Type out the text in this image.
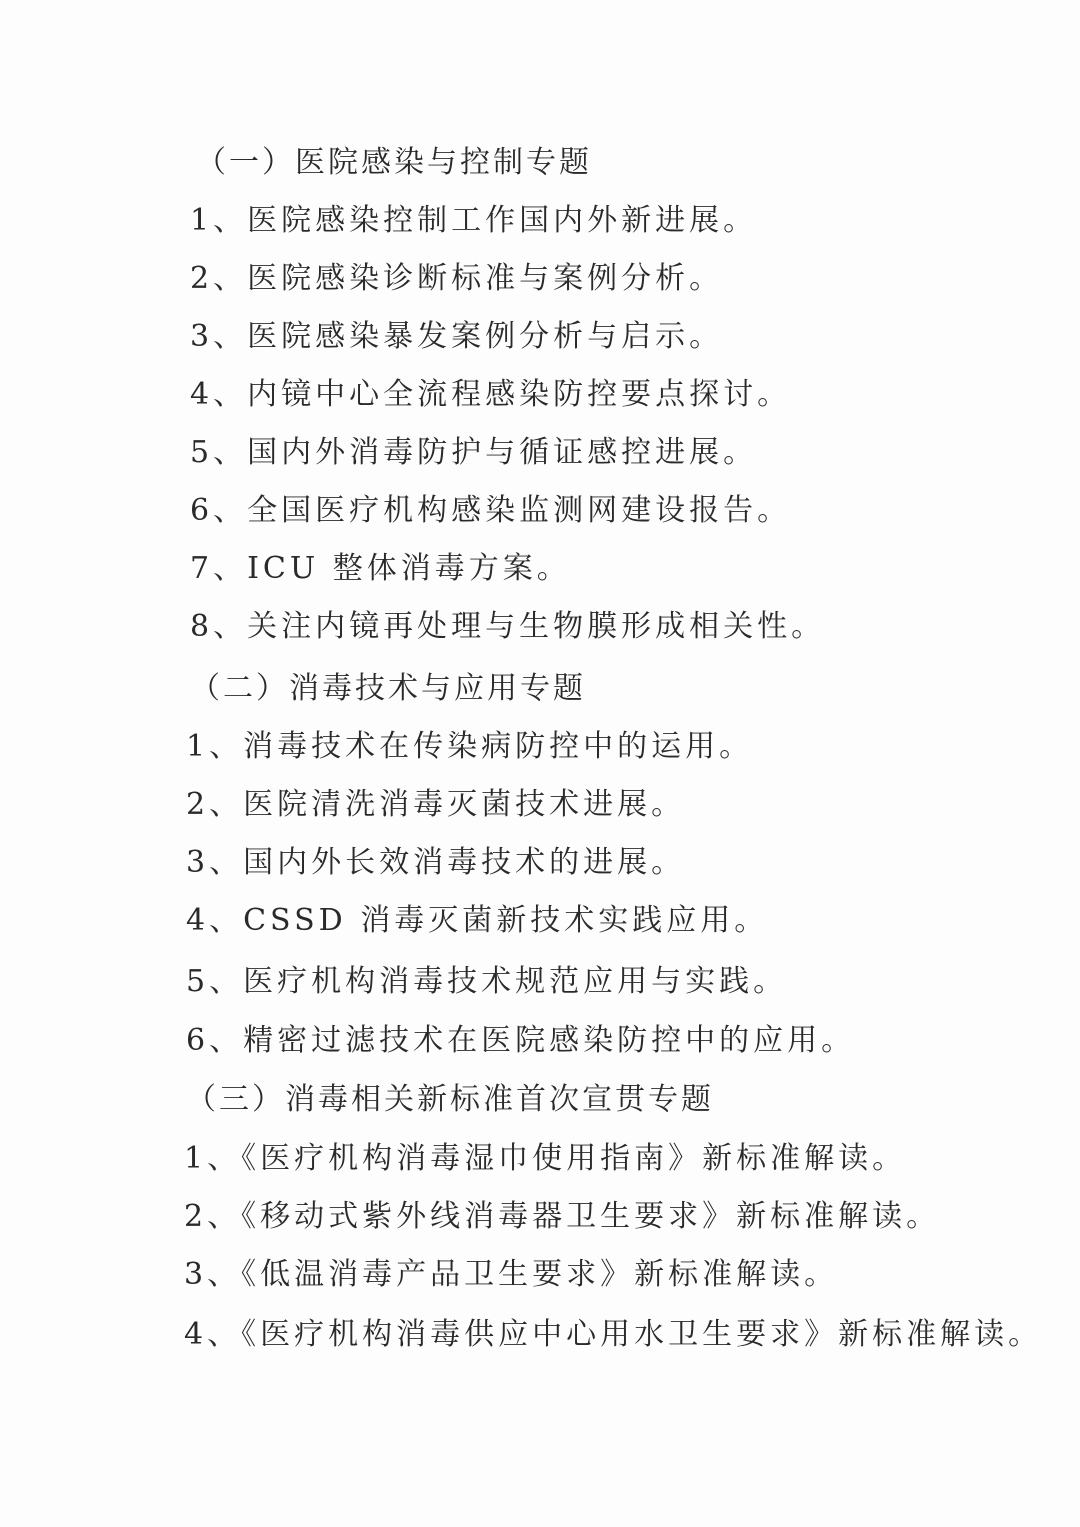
（一）医院感染与控制专题
1、医院感染控制工作国内外新进展。
2、医院感染诊断标准与案例分析。
3、医院感染暴发案例分析与启示。
4、内镜中心全流程感染防控要点探讨。
5、国内外消毒防护与循证感控进展。
6、全国医疗机构感染监测网建设报告。
7、ICU 整体消毒方案。
8、关注内镜再处理与生物膜形成相关性。
（二）消毒技术与应用专题
1、消毒技术在传染病防控中的运用。
2、医院清洗消毒灭菌技术进展。
3、国内外长效消毒技术的进展。
4、CSSD 消毒灭菌新技术实践应用。
5、医疗机构消毒技术规范应用与实践。
6、精密过滤技术在医院感染防控中的应用。
（三）消毒相关新标准首次宣贯专题
1、《医疗机构消毒湿巾使用指南》新标准解读。
2、《移动式紫外线消毒器卫生要求》新标准解读。
3、《低温消毒产品卫生要求》新标准解读。
4、《医疗机构消毒供应中心用水卫生要求》新标准解读。
